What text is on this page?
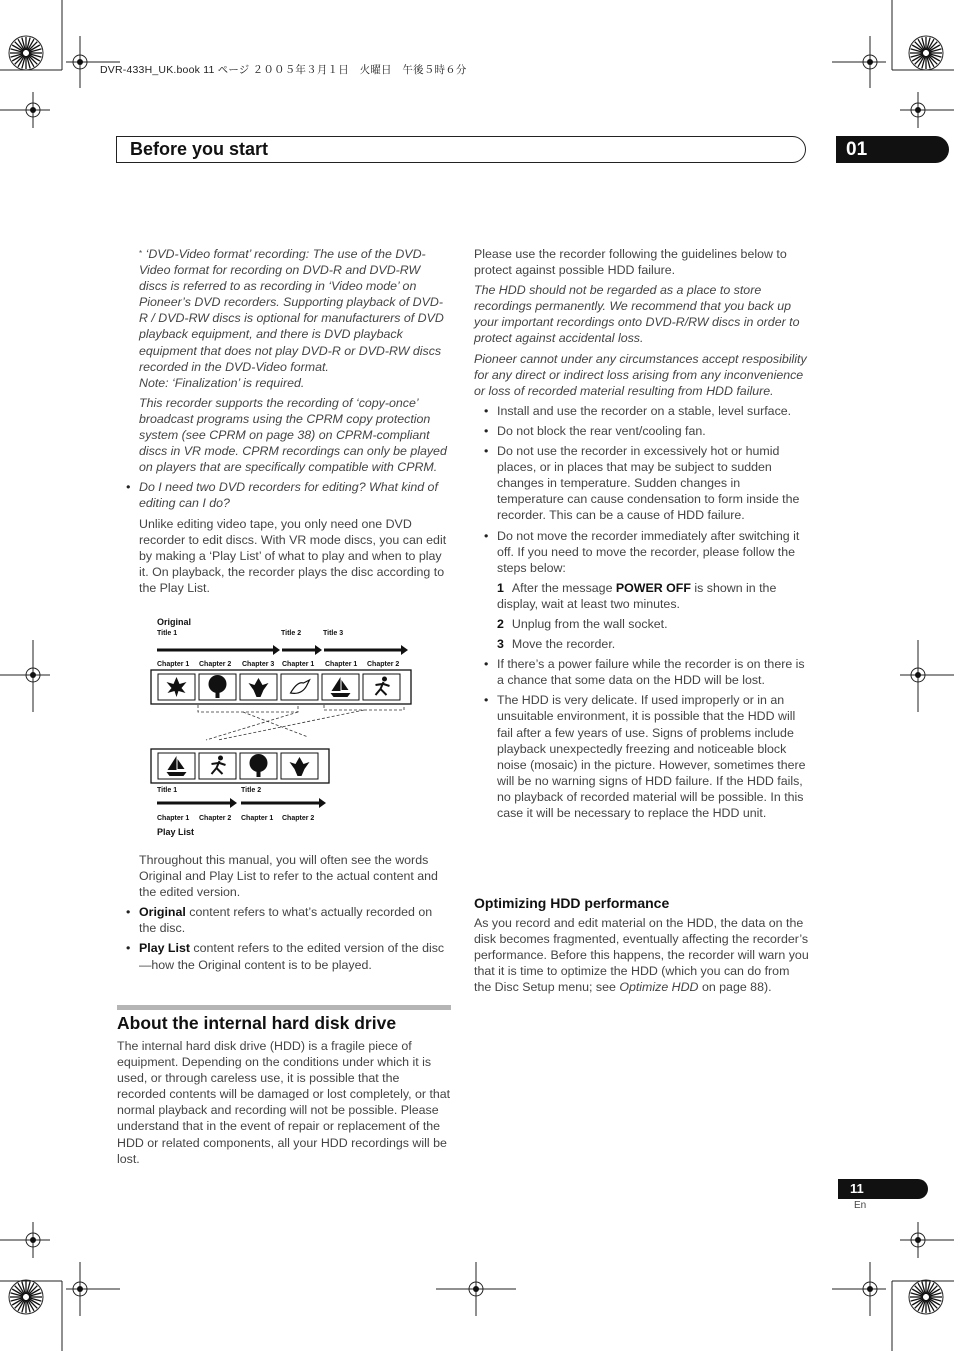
DVR-433H_UK.book 11 ページ ２００５年３月１日　火曜日　午後５時６分
Before you start	01

* ‘DVD-Video format’ recording: The use of the DVD-Video format for recording on DVD-R and DVD-RW discs is referred to as recording in ‘Video mode’ on Pioneer’s DVD recorders. Supporting playback of DVD-R / DVD-RW discs is optional for manufacturers of DVD playback equipment, and there is DVD playback equipment that does not play DVD-R or DVD-RW discs recorded in the DVD-Video format.
Note: ‘Finalization’ is required.

This recorder supports the recording of ‘copy-once’ broadcast programs using the CPRM copy protection system (see CPRM on page 38) on CPRM-compliant discs in VR mode. CPRM recordings can only be played on players that are specifically compatible with CPRM.

• Do I need two DVD recorders for editing? What kind of editing can I do?

Unlike editing video tape, you only need one DVD recorder to edit discs. With VR mode discs, you can edit by making a ‘Play List’ of what to play and when to play it. On playback, the recorder plays the disc according to the Play List.

Original
Title 1	Title 2	Title 3
Chapter 1 Chapter 2 Chapter 3 Chapter 1 Chapter 1 Chapter 2
Title 1	Title 2
Chapter 1 Chapter 2 Chapter 1 Chapter 2
Play List

Throughout this manual, you will often see the words Original and Play List to refer to the actual content and the edited version.

• Original content refers to what’s actually recorded on the disc.

• Play List content refers to the edited version of the disc—how the Original content is to be played.

About the internal hard disk drive

The internal hard disk drive (HDD) is a fragile piece of equipment. Depending on the conditions under which it is used, or through careless use, it is possible that the recorded contents will be damaged or lost completely, or that normal playback and recording will not be possible. Please understand that in the event of repair or replacement of the HDD or related components, all your HDD recordings will be lost.

Please use the recorder following the guidelines below to protect against possible HDD failure.

The HDD should not be regarded as a place to store recordings permanently. We recommend that you back up your important recordings onto DVD-R/RW discs in order to protect against accidental loss.

Pioneer cannot under any circumstances accept resposibility for any direct or indirect loss arising from any inconvenience or loss of recorded material resulting from HDD failure.

• Install and use the recorder on a stable, level surface.

• Do not block the rear vent/cooling fan.

• Do not use the recorder in excessively hot or humid places, or in places that may be subject to sudden changes in temperature. Sudden changes in temperature can cause condensation to form inside the recorder. This can be a cause of HDD failure.

• Do not move the recorder immediately after switching it off. If you need to move the recorder, please follow the steps below:

1 After the message POWER OFF is shown in the display, wait at least two minutes.

2 Unplug from the wall socket.

3 Move the recorder.

• If there’s a power failure while the recorder is on there is a chance that some data on the HDD will be lost.

• The HDD is very delicate. If used improperly or in an unsuitable environment, it is possible that the HDD will fail after a few years of use. Signs of problems include playback unexpectedly freezing and noticeable block noise (mosaic) in the picture. However, sometimes there will be no warning signs of HDD failure. If the HDD fails, no playback of recorded material will be possible. In this case it will be necessary to replace the HDD unit.

Optimizing HDD performance

As you record and edit material on the HDD, the data on the disk becomes fragmented, eventually affecting the recorder’s performance. Before this happens, the recorder will warn you that it is time to optimize the HDD (which you can do from the Disc Setup menu; see Optimize HDD on page 88).

11
En
